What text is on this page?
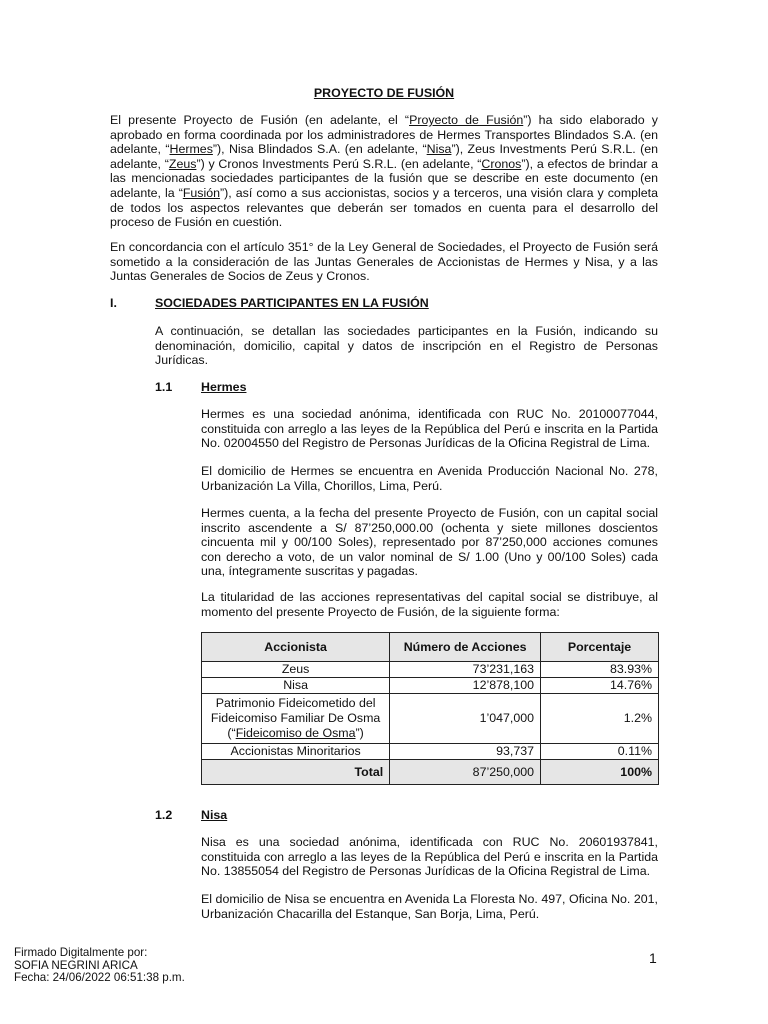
PROYECTO DE FUSIÓN

El presente Proyecto de Fusión (en adelante, el “Proyecto de Fusión”) ha sido elaborado y aprobado en forma coordinada por los administradores de Hermes Transportes Blindados S.A. (en adelante, “Hermes”), Nisa Blindados S.A. (en adelante, “Nisa”), Zeus Investments Perú S.R.L. (en adelante, “Zeus”) y Cronos Investments Perú S.R.L. (en adelante, “Cronos”), a efectos de brindar a las mencionadas sociedades participantes de la fusión que se describe en este documento (en adelante, la “Fusión”), así como a sus accionistas, socios y a terceros, una visión clara y completa de todos los aspectos relevantes que deberán ser tomados en cuenta para el desarrollo del proceso de Fusión en cuestión.

En concordancia con el artículo 351° de la Ley General de Sociedades, el Proyecto de Fusión será sometido a la consideración de las Juntas Generales de Accionistas de Hermes y Nisa, y a las Juntas Generales de Socios de Zeus y Cronos.

I.	SOCIEDADES PARTICIPANTES EN LA FUSIÓN

A continuación, se detallan las sociedades participantes en la Fusión, indicando su denominación, domicilio, capital y datos de inscripción en el Registro de Personas Jurídicas.

1.1 Hermes

Hermes es una sociedad anónima, identificada con RUC No. 20100077044, constituida con arreglo a las leyes de la República del Perú e inscrita en la Partida No. 02004550 del Registro de Personas Jurídicas de la Oficina Registral de Lima.

El domicilio de Hermes se encuentra en Avenida Producción Nacional No. 278, Urbanización La Villa, Chorillos, Lima, Perú.

Hermes cuenta, a la fecha del presente Proyecto de Fusión, con un capital social inscrito ascendente a S/ 87’250,000.00 (ochenta y siete millones doscientos cincuenta mil y 00/100 Soles), representado por 87’250,000 acciones comunes con derecho a voto, de un valor nominal de S/ 1.00 (Uno y 00/100 Soles) cada una, íntegramente suscritas y pagadas.

La titularidad de las acciones representativas del capital social se distribuye, al momento del presente Proyecto de Fusión, de la siguiente forma:

Accionista	Número de Acciones	Porcentaje
Zeus	73’231,163	83.93%
Nisa	12’878,100	14.76%
Patrimonio Fideicometido del Fideicomiso Familiar De Osma (“Fideicomiso de Osma”)	1’047,000	1.2%
Accionistas Minoritarios	93,737	0.11%
Total	87’250,000	100%
1.2 Nisa

Nisa es una sociedad anónima, identificada con RUC No. 20601937841, constituida con arreglo a las leyes de la República del Perú e inscrita en la Partida No. 13855054 del Registro de Personas Jurídicas de la Oficina Registral de Lima.

El domicilio de Nisa se encuentra en Avenida La Floresta No. 497, Oficina No. 201, Urbanización Chacarilla del Estanque, San Borja, Lima, Perú.

Firmado Digitalmente por:
SOFIA NEGRINI ARICA
Fecha: 24/06/2022 06:51:38 p.m.
1
